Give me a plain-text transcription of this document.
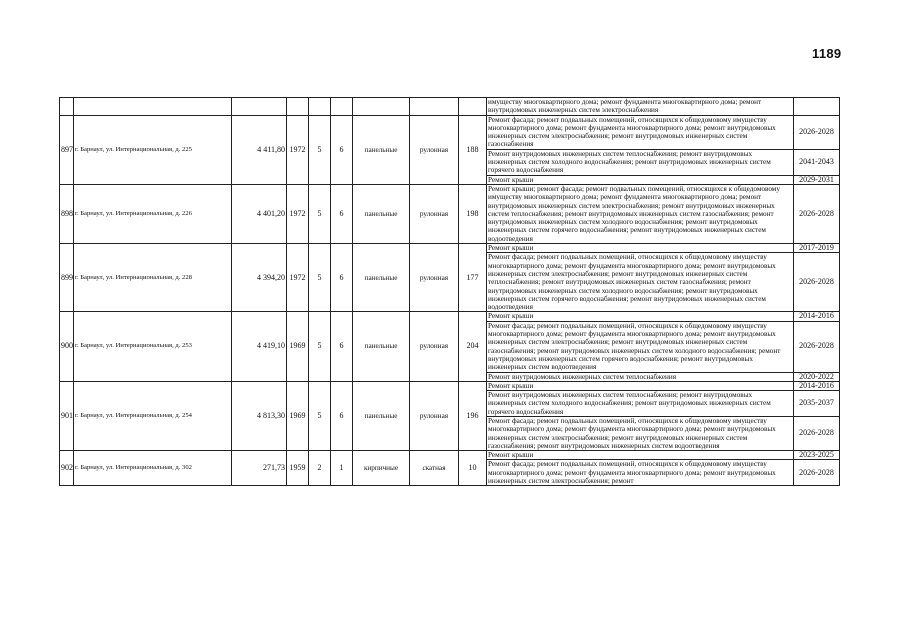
1189
									имуществу многоквартирного дома; ремонт фундамента многоквартирного дома; ремонт внутридомовых инженерных систем электроснабжения	
897	г. Барнаул, ул. Интернациональная, д. 225	4 411,80	1972	5	6	панельные	рулонная	188	Ремонт фасада; ремонт подвальных помещений, относящихся к общедомовому имуществу многоквартирного дома; ремонт фундамента многоквартирного дома; ремонт внутридомовых инженерных систем электроснабжения; ремонт внутридомовых инженерных систем газоснабжения	2026-2028
									Ремонт внутридомовых инженерных систем теплоснабжения; ремонт внутридомовых инженерных систем холодного водоснабжения; ремонт внутридомовых инженерных систем горячего водоснабжения	2041-2043
									Ремонт крыши	2029-2031
898	г. Барнаул, ул. Интернациональная, д. 226	4 401,20	1972	5	6	панельные	рулонная	198	Ремонт крыши; ремонт фасада; ремонт подвальных помещений, относящихся к общедомовому имуществу многоквартирного дома; ремонт фундамента многоквартирного дома; ремонт внутридомовых инженерных систем электроснабжения; ремонт внутридомовых инженерных систем теплоснабжения; ремонт внутридомовых инженерных систем газоснабжения; ремонт внутридомовых инженерных систем холодного водоснабжения; ремонт внутридомовых инженерных систем горячего водоснабжения; ремонт внутридомовых инженерных систем водоотведения	2026-2028
899	г. Барнаул, ул. Интернациональная, д. 228	4 394,20	1972	5	6	панельные	рулонная	177	Ремонт крыши	2017-2019
									Ремонт фасада; ремонт подвальных помещений, относящихся к общедомовому имуществу многоквартирного дома; ремонт фундамента многоквартирного дома; ремонт внутридомовых инженерных систем электроснабжения; ремонт внутридомовых инженерных систем теплоснабжения; ремонт внутридомовых инженерных систем газоснабжения; ремонт внутридомовых инженерных систем холодного водоснабжения; ремонт внутридомовых инженерных систем горячего водоснабжения; ремонт внутридомовых инженерных систем водоотведения	2026-2028
900	г. Барнаул, ул. Интернациональная, д. 253	4 419,10	1969	5	6	панельные	рулонная	204	Ремонт крыши	2014-2016
									Ремонт фасада; ремонт подвальных помещений, относящихся к общедомовому имуществу многоквартирного дома; ремонт фундамента многоквартирного дома; ремонт внутридомовых инженерных систем электроснабжения; ремонт внутридомовых инженерных систем газоснабжения; ремонт внутридомовых инженерных систем холодного водоснабжения; ремонт внутридомовых инженерных систем горячего водоснабжения; ремонт внутридомовых инженерных систем водоотведения	2026-2028
									Ремонт внутридомовых инженерных систем теплоснабжения	2020-2022
901	г. Барнаул, ул. Интернациональная, д. 254	4 813,30	1969	5	6	панельные	рулонная	196	Ремонт крыши	2014-2016
									Ремонт внутридомовых инженерных систем теплоснабжения; ремонт внутридомовых инженерных систем холодного водоснабжения; ремонт внутридомовых инженерных систем горячего водоснабжения	2035-2037
									Ремонт фасада; ремонт подвальных помещений, относящихся к общедомовому имуществу многоквартирного дома; ремонт фундамента многоквартирного дома; ремонт внутридомовых инженерных систем электроснабжения; ремонт внутридомовых инженерных систем газоснабжения; ремонт внутридомовых инженерных систем водоотведения	2026-2028
902	г. Барнаул, ул. Интернациональная, д. 302	271,73	1959	2	1	кирпичные	скатная	10	Ремонт крыши	2023-2025
									Ремонт фасада; ремонт подвальных помещений, относящихся к общедомовому имуществу многоквартирного дома; ремонт фундамента многоквартирного дома; ремонт внутридомовых инженерных систем электроснабжения; ремонт	2026-2028
